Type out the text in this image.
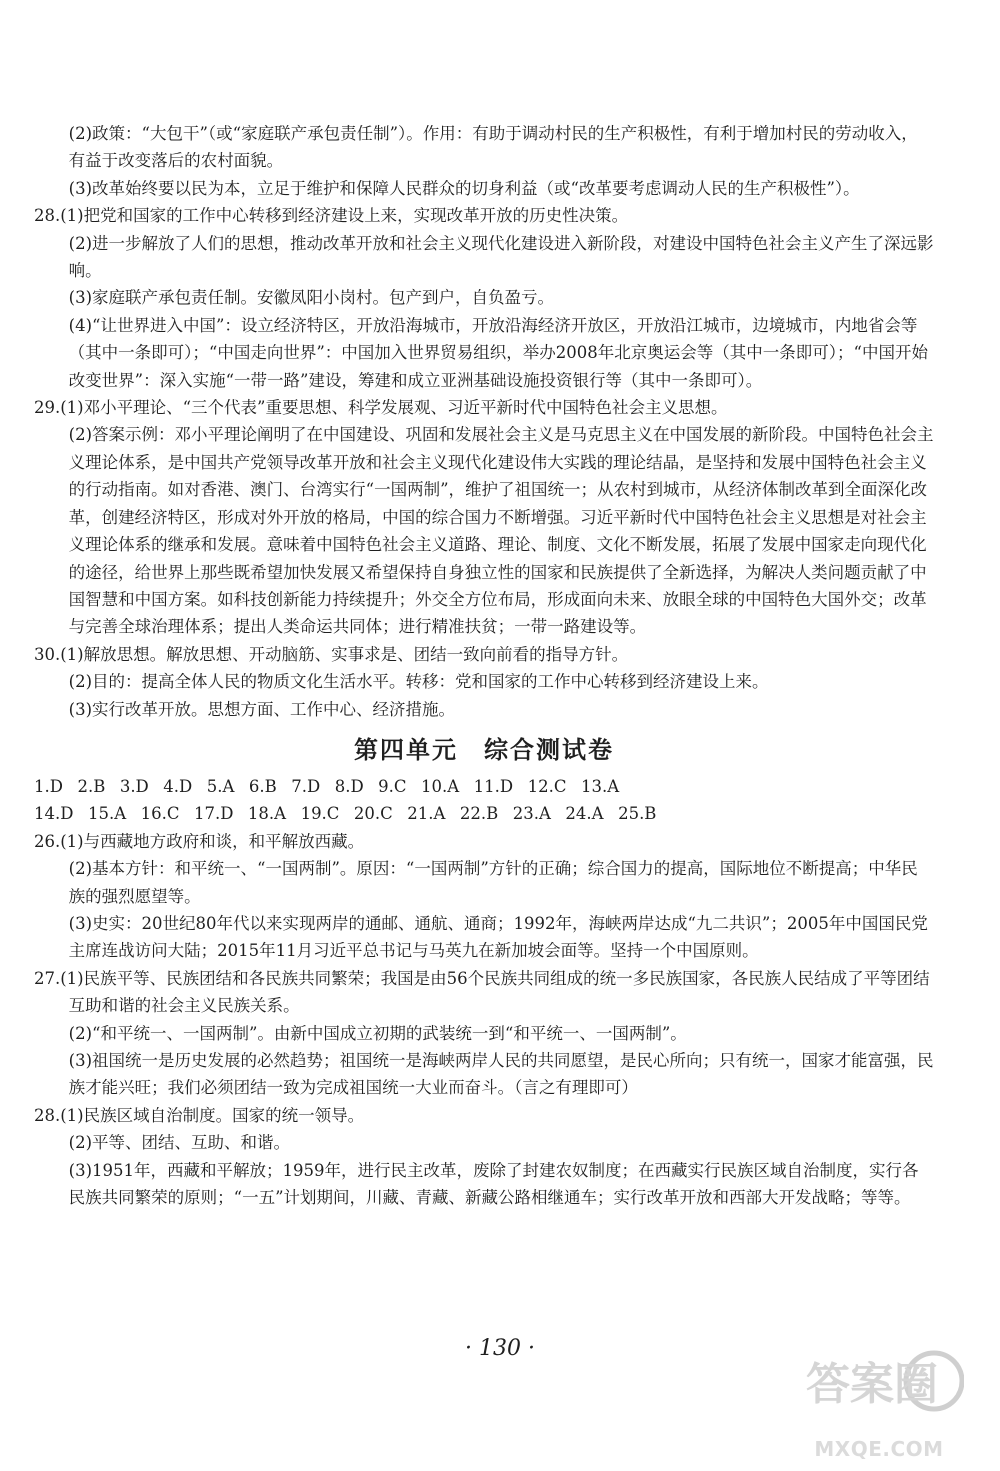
(2)政策：“大包干”（或“家庭联产承包责任制”）。作用：有助于调动村民的生产积极性，有利于增加村民的劳动收入，有益于改变落后的农村面貌。

(3)改革始终要以民为本，立足于维护和保障人民群众的切身利益（或“改革要考虑调动人民的生产积极性”）。

28.(1)把党和国家的工作中心转移到经济建设上来，实现改革开放的历史性决策。

(2)进一步解放了人们的思想，推动改革开放和社会主义现代化建设进入新阶段，对建设中国特色社会主义产生了深远影响。

(3)家庭联产承包责任制。安徽凤阳小岗村。包产到户，自负盈亏。

(4)“让世界进入中国”：设立经济特区，开放沿海城市，开放沿海经济开放区，开放沿江城市，边境城市，内地省会等（其中一条即可）；“中国走向世界”：中国加入世界贸易组织，举办2008年北京奥运会等（其中一条即可）；“中国开始改变世界”：深入实施“一带一路”建设，筹建和成立亚洲基础设施投资银行等（其中一条即可）。

29.(1)邓小平理论、“三个代表”重要思想、科学发展观、习近平新时代中国特色社会主义思想。

(2)答案示例：邓小平理论阐明了在中国建设、巩固和发展社会主义是马克思主义在中国发展的新阶段。中国特色社会主义理论体系，是中国共产党领导改革开放和社会主义现代化建设伟大实践的理论结晶，是坚持和发展中国特色社会主义的行动指南。如对香港、澳门、台湾实行“一国两制”，维护了祖国统一；从农村到城市，从经济体制改革到全面深化改革，创建经济特区，形成对外开放的格局，中国的综合国力不断增强。习近平新时代中国特色社会主义思想是对社会主义理论体系的继承和发展。意味着中国特色社会主义道路、理论、制度、文化不断发展，拓展了发展中国家走向现代化的途径，给世界上那些既希望加快发展又希望保持自身独立性的国家和民族提供了全新选择，为解决人类问题贡献了中国智慧和中国方案。如科技创新能力持续提升；外交全方位布局，形成面向未来、放眼全球的中国特色大国外交；改革与完善全球治理体系；提出人类命运共同体；进行精准扶贫；一带一路建设等。

30.(1)解放思想。解放思想、开动脑筋、实事求是、团结一致向前看的指导方针。

(2)目的：提高全体人民的物质文化生活水平。转移：党和国家的工作中心转移到经济建设上来。

(3)实行改革开放。思想方面、工作中心、经济措施。

第四单元 综合测试卷

1.D  2.B  3.D  4.D  5.A  6.B  7.D  8.D  9.C  10.A  11.D  12.C  13.A

14.D  15.A  16.C  17.D  18.A  19.C  20.C  21.A  22.B  23.A  24.A  25.B

26.(1)与西藏地方政府和谈，和平解放西藏。

(2)基本方针：和平统一、“一国两制”。原因：“一国两制”方针的正确；综合国力的提高，国际地位不断提高；中华民族的强烈愿望等。

(3)史实：20世纪80年代以来实现两岸的通邮、通航、通商；1992年，海峡两岸达成“九二共识”；2005年中国国民党主席连战访问大陆；2015年11月习近平总书记与马英九在新加坡会面等。坚持一个中国原则。

27.(1)民族平等、民族团结和各民族共同繁荣；我国是由56个民族共同组成的统一多民族国家，各民族人民结成了平等团结互助和谐的社会主义民族关系。

(2)“和平统一、一国两制”。由新中国成立初期的武装统一到“和平统一、一国两制”。

(3)祖国统一是历史发展的必然趋势；祖国统一是海峡两岸人民的共同愿望，是民心所向；只有统一，国家才能富强，民族才能兴旺；我们必须团结一致为完成祖国统一大业而奋斗。（言之有理即可）

28.(1)民族区域自治制度。国家的统一领导。

(2)平等、团结、互助、和谐。

(3)1951年，西藏和平解放；1959年，进行民主改革，废除了封建农奴制度；在西藏实行民族区域自治制度，实行各民族共同繁荣的原则；“一五”计划期间，川藏、青藏、新藏公路相继通车；实行改革开放和西部大开发战略；等等。

· 130 ·
答案圈
MXQE.COM
